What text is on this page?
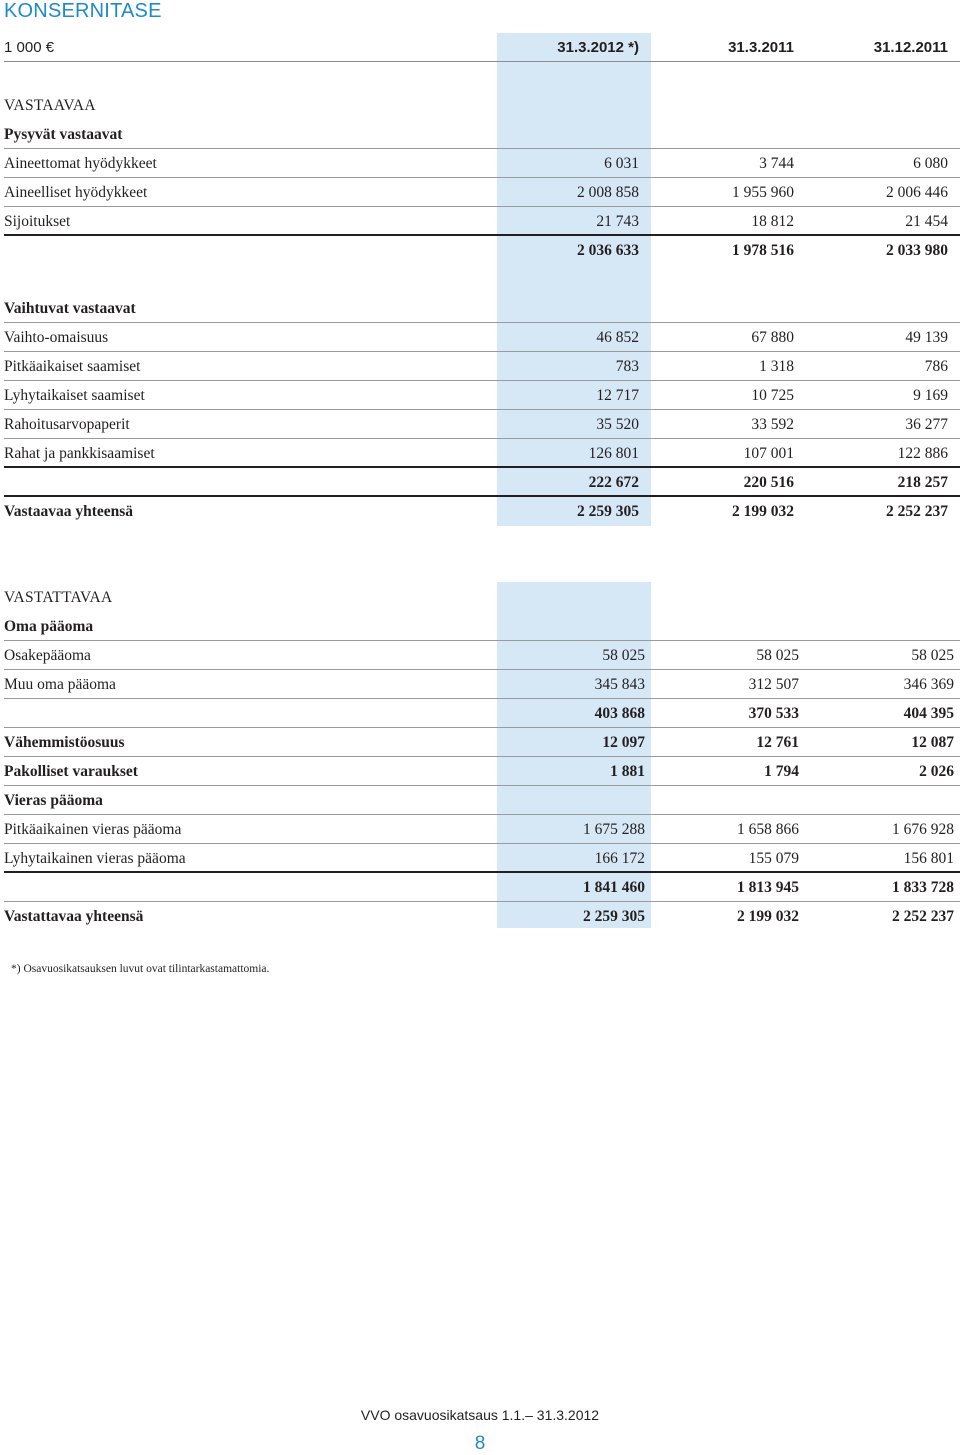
KONSERNITASE
1 000 €	31.3.2012 *)	31.3.2011	31.12.2011
VASTAAVAA
Pysyvät vastaavat
Aineettomat hyödykkeet	6 031	3 744	6 080
Aineelliset hyödykkeet	2 008 858	1 955 960	2 006 446
Sijoitukset	21 743	18 812	21 454
2 036 633	1 978 516	2 033 980
Vaihtuvat vastaavat
Vaihto-omaisuus	46 852	67 880	49 139
Pitkäaikaiset saamiset	783	1 318	786
Lyhytaikaiset saamiset	12 717	10 725	9 169
Rahoitusarvopaperit	35 520	33 592	36 277
Rahat ja pankkisaamiset	126 801	107 001	122 886
222 672	220 516	218 257
Vastaavaa yhteensä	2 259 305	2 199 032	2 252 237
VASTATTAVAA
Oma pääoma
Osakepääoma	58 025	58 025	58 025
Muu oma pääoma	345 843	312 507	346 369
403 868	370 533	404 395
Vähemmistöosuus	12 097	12 761	12 087
Pakolliset varaukset	1 881	1 794	2 026
Vieras pääoma
Pitkäaikainen vieras pääoma	1 675 288	1 658 866	1 676 928
Lyhytaikainen vieras pääoma	166 172	155 079	156 801
1 841 460	1 813 945	1 833 728
Vastattavaa yhteensä	2 259 305	2 199 032	2 252 237
*) Osavuosikatsauksen luvut ovat tilintarkastamattomia.
VVO osavuosikatsaus 1.1.– 31.3.2012
8
